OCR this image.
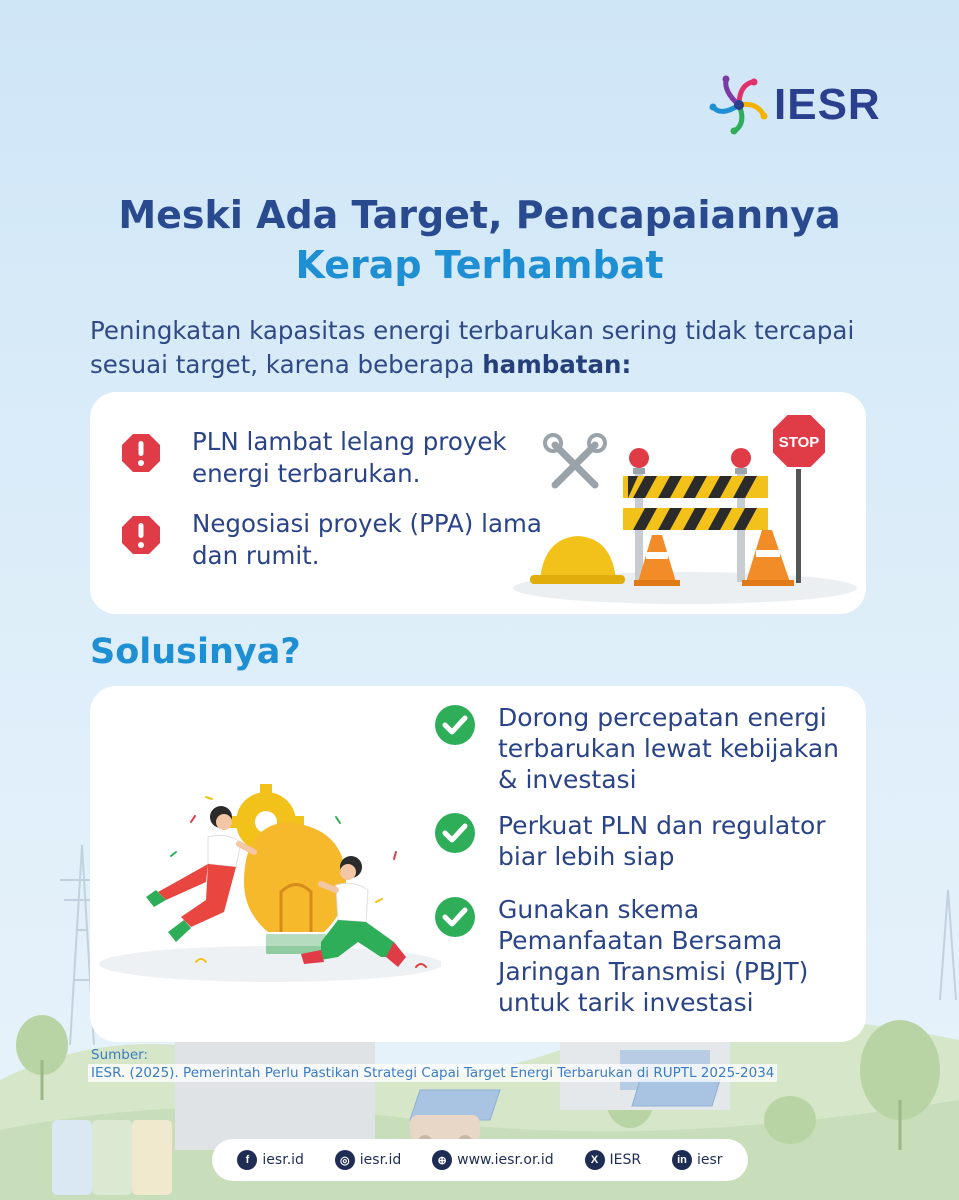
IESR
Meski Ada Target, Pencapaiannya
Kerap Terhambat
Peningkatan kapasitas energi terbarukan sering tidak tercapai sesuai target, karena beberapa hambatan:
PLN lambat lelang proyek energi terbarukan.
Negosiasi proyek (PPA) lama dan rumit.
STOP
Solusinya?
Dorong percepatan energi terbarukan lewat kebijakan & investasi
Perkuat PLN dan regulator biar lebih siap
Gunakan skema Pemanfaatan Bersama Jaringan Transmisi (PBJT) untuk tarik investasi
Sumber:
IESR. (2025). Pemerintah Perlu Pastikan Strategi Capai Target Energi Terbarukan di RUPTL 2025-2034
f iesr.id	◎ iesr.id	⊕ www.iesr.or.id	X IESR	in iesr
